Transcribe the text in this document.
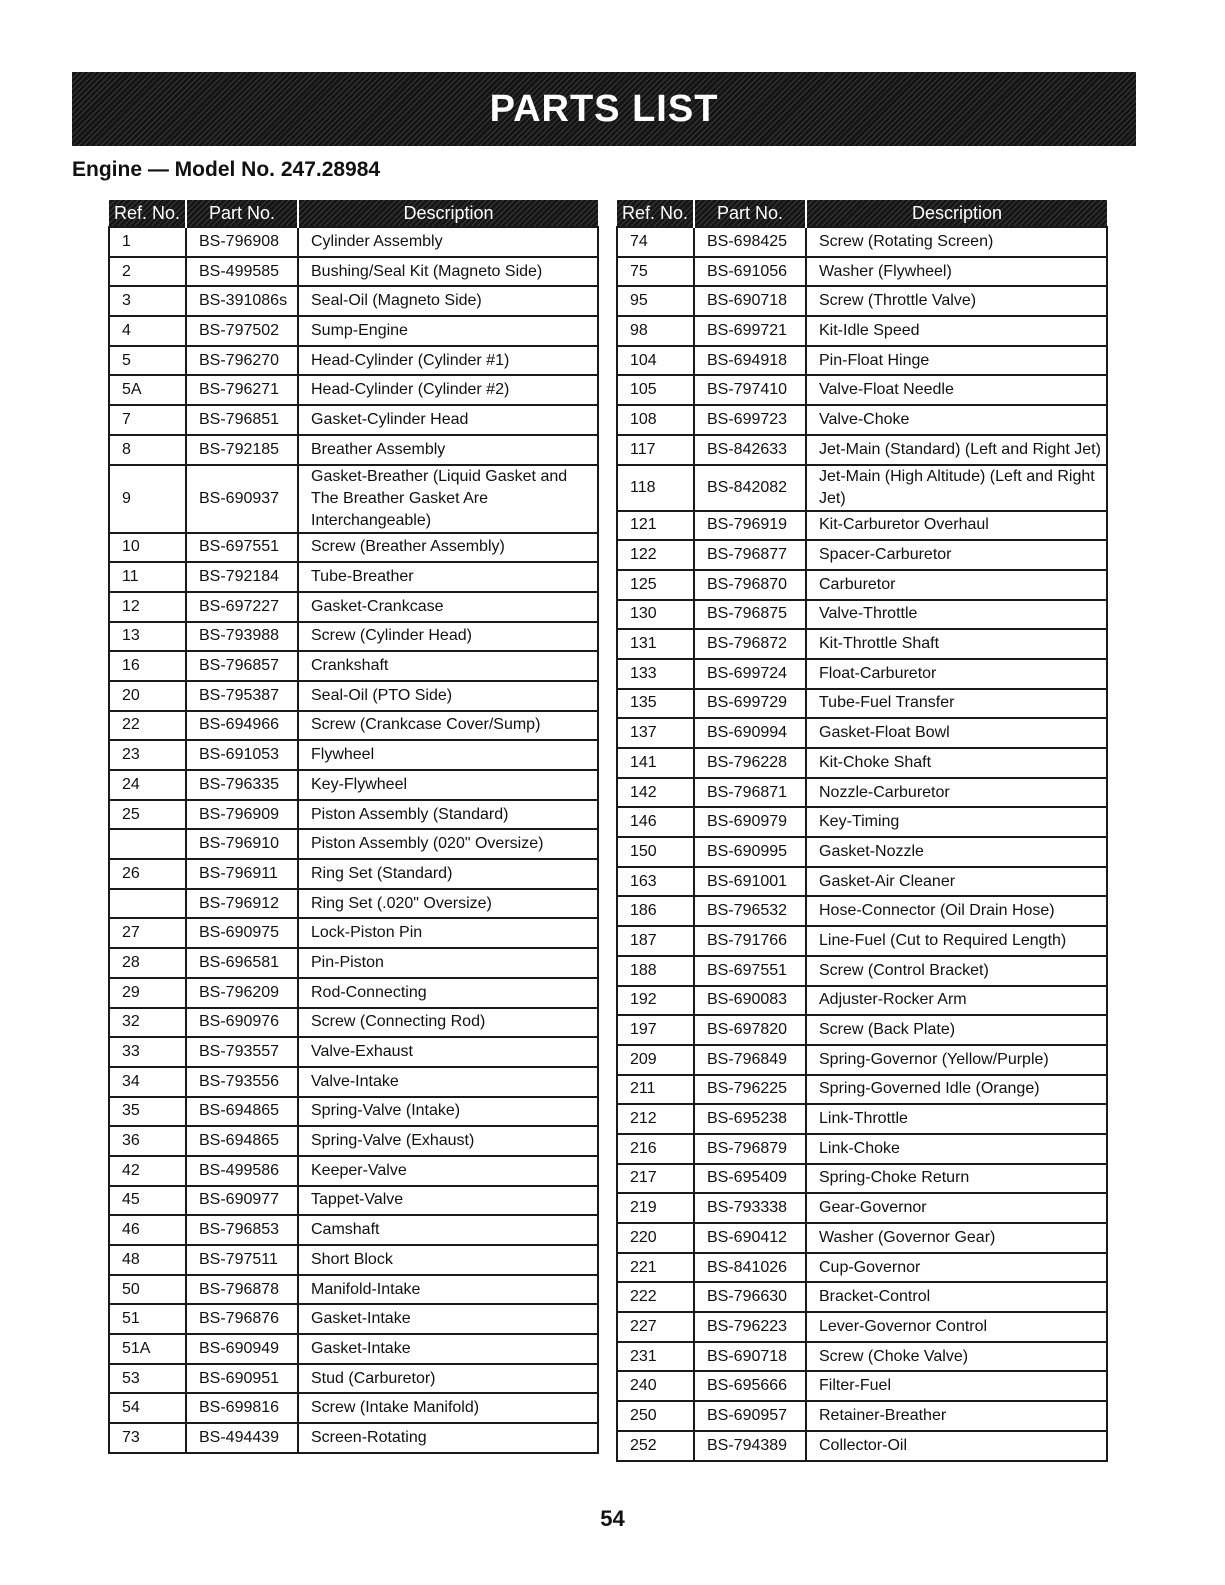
PARTS LIST
Engine — Model No. 247.28984
Ref. No.	Part No.	Description
1	BS-796908	Cylinder Assembly
2	BS-499585	Bushing/Seal Kit (Magneto Side)
3	BS-391086s	Seal-Oil (Magneto Side)
4	BS-797502	Sump-Engine
5	BS-796270	Head-Cylinder (Cylinder #1)
5A	BS-796271	Head-Cylinder (Cylinder #2)
7	BS-796851	Gasket-Cylinder Head
8	BS-792185	Breather Assembly
9	BS-690937	Gasket-Breather (Liquid Gasket and The Breather Gasket Are Interchangeable)
10	BS-697551	Screw (Breather Assembly)
11	BS-792184	Tube-Breather
12	BS-697227	Gasket-Crankcase
13	BS-793988	Screw (Cylinder Head)
16	BS-796857	Crankshaft
20	BS-795387	Seal-Oil (PTO Side)
22	BS-694966	Screw (Crankcase Cover/Sump)
23	BS-691053	Flywheel
24	BS-796335	Key-Flywheel
25	BS-796909	Piston Assembly (Standard)
	BS-796910	Piston Assembly (020" Oversize)
26	BS-796911	Ring Set (Standard)
	BS-796912	Ring Set (.020" Oversize)
27	BS-690975	Lock-Piston Pin
28	BS-696581	Pin-Piston
29	BS-796209	Rod-Connecting
32	BS-690976	Screw (Connecting Rod)
33	BS-793557	Valve-Exhaust
34	BS-793556	Valve-Intake
35	BS-694865	Spring-Valve (Intake)
36	BS-694865	Spring-Valve (Exhaust)
42	BS-499586	Keeper-Valve
45	BS-690977	Tappet-Valve
46	BS-796853	Camshaft
48	BS-797511	Short Block
50	BS-796878	Manifold-Intake
51	BS-796876	Gasket-Intake
51A	BS-690949	Gasket-Intake
53	BS-690951	Stud (Carburetor)
54	BS-699816	Screw (Intake Manifold)
73	BS-494439	Screen-Rotating
Ref. No.	Part No.	Description
74	BS-698425	Screw (Rotating Screen)
75	BS-691056	Washer (Flywheel)
95	BS-690718	Screw (Throttle Valve)
98	BS-699721	Kit-Idle Speed
104	BS-694918	Pin-Float Hinge
105	BS-797410	Valve-Float Needle
108	BS-699723	Valve-Choke
117	BS-842633	Jet-Main (Standard) (Left and Right Jet)
118	BS-842082	Jet-Main (High Altitude) (Left and Right Jet)
121	BS-796919	Kit-Carburetor Overhaul
122	BS-796877	Spacer-Carburetor
125	BS-796870	Carburetor
130	BS-796875	Valve-Throttle
131	BS-796872	Kit-Throttle Shaft
133	BS-699724	Float-Carburetor
135	BS-699729	Tube-Fuel Transfer
137	BS-690994	Gasket-Float Bowl
141	BS-796228	Kit-Choke Shaft
142	BS-796871	Nozzle-Carburetor
146	BS-690979	Key-Timing
150	BS-690995	Gasket-Nozzle
163	BS-691001	Gasket-Air Cleaner
186	BS-796532	Hose-Connector (Oil Drain Hose)
187	BS-791766	Line-Fuel (Cut to Required Length)
188	BS-697551	Screw (Control Bracket)
192	BS-690083	Adjuster-Rocker Arm
197	BS-697820	Screw (Back Plate)
209	BS-796849	Spring-Governor (Yellow/Purple)
211	BS-796225	Spring-Governed Idle (Orange)
212	BS-695238	Link-Throttle
216	BS-796879	Link-Choke
217	BS-695409	Spring-Choke Return
219	BS-793338	Gear-Governor
220	BS-690412	Washer (Governor Gear)
221	BS-841026	Cup-Governor
222	BS-796630	Bracket-Control
227	BS-796223	Lever-Governor Control
231	BS-690718	Screw (Choke Valve)
240	BS-695666	Filter-Fuel
250	BS-690957	Retainer-Breather
252	BS-794389	Collector-Oil
54
